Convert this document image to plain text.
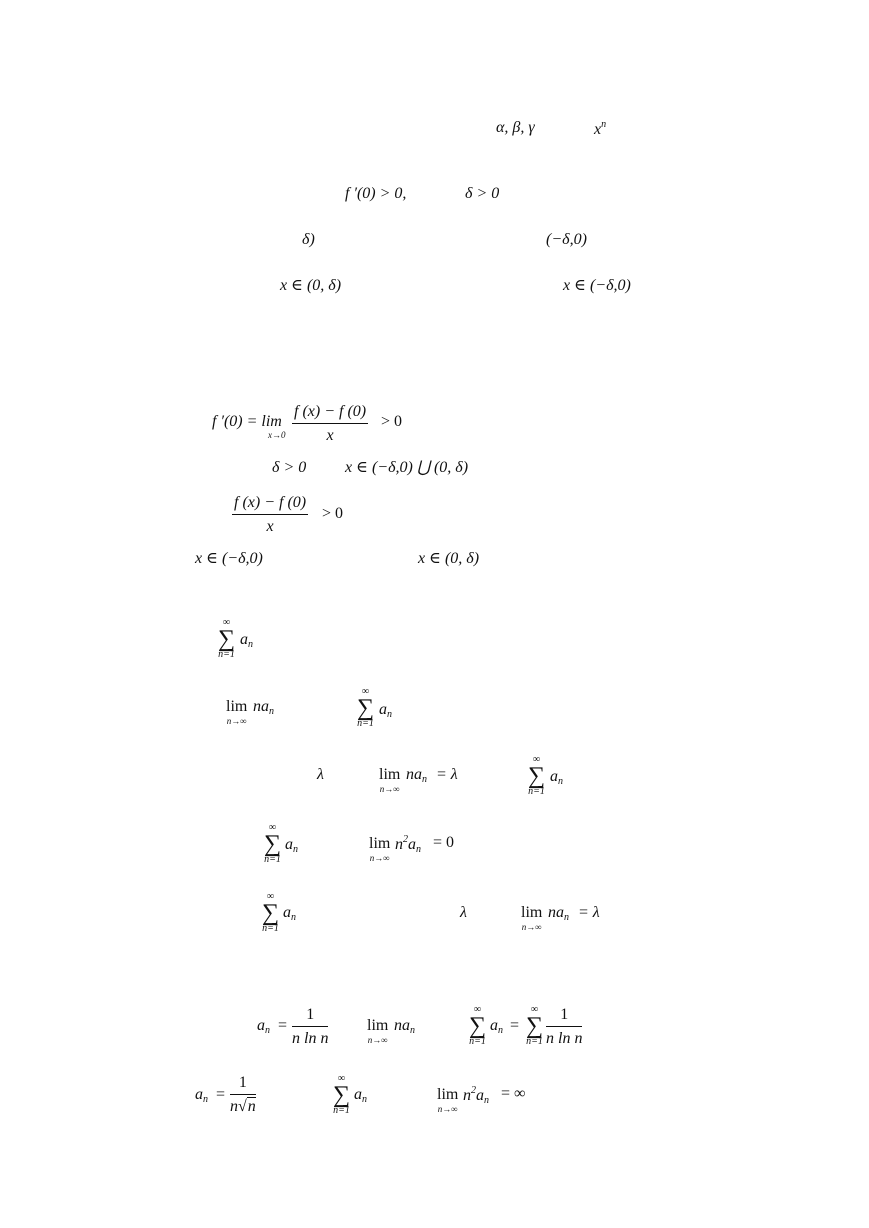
α, β, γ	$x^n$
f ′(0) > 0,	δ > 0
δ)	(−δ,0)
x ∈ (0, δ)	x ∈ (−δ,0)
f ′(0) = lim
$x\to 0 \frac{f (x) - f (0)}{x} > 0$
δ > 0 x ∈ (−δ,0) ⋃ (0, δ)
$\frac{f (x) - f (0)}{x} > 0$
x ∈ (−δ,0)	x ∈ (0, δ)
∞
∑
n=1
an
lim
n→∞
nan
∞
∑
n=1
an
λ	lim
n→∞
nan = λ
∞
∑
n=1
an
∞
∑
n=1
an	lim
n→∞
$n^2an = 0$
∞
∑
n=1
an	λ	lim
n→∞
nan = λ
an = $\frac{1}{\text{n ln n}}$ lim
n→∞
nan
∞
∑
n=1
an =
∞
∑
$n=1 \frac{1}{\text{n ln n}}$
an = $\frac{1}{n√n}$	∞
∑
n=1
an	lim
n→∞
$n^2an$ = ∞
